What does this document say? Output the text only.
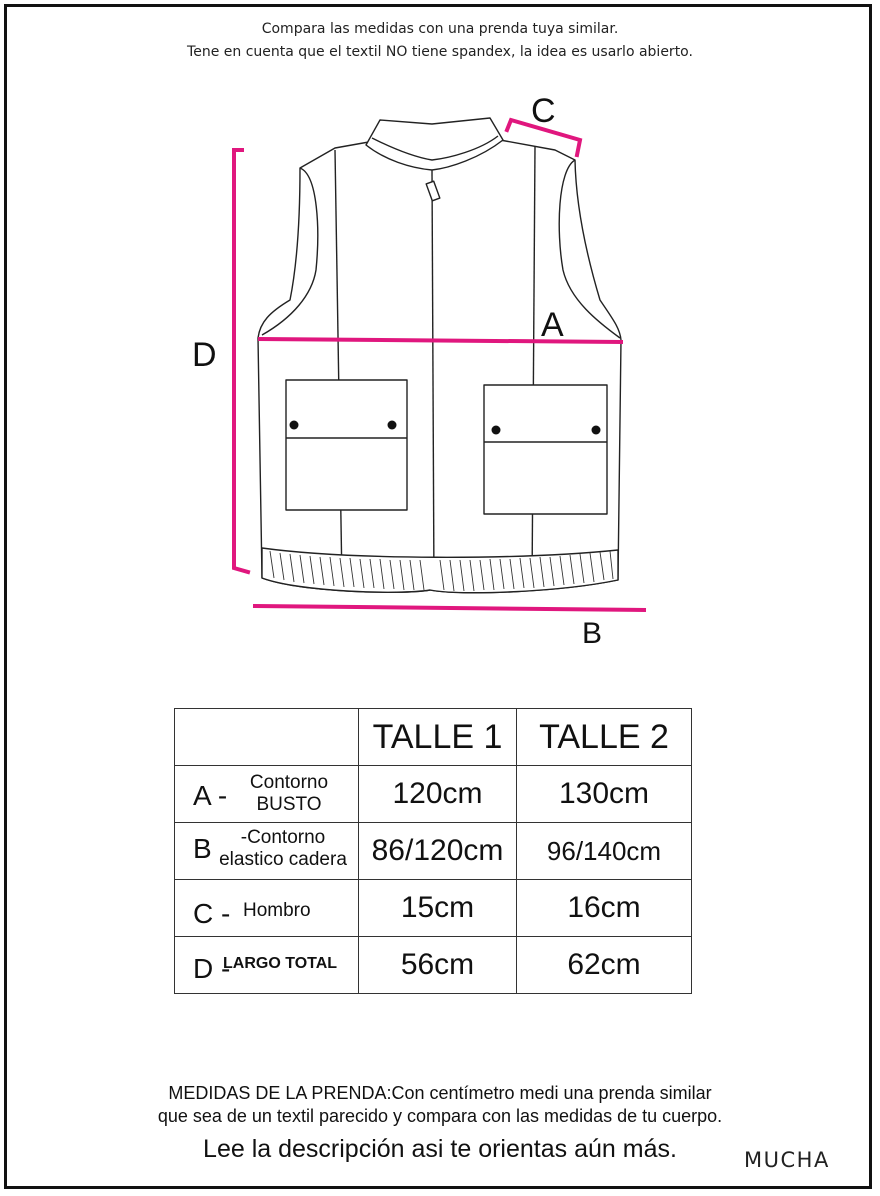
Compara las medidas con una prenda tuya similar.
Tene en cuenta que el textil NO tiene spandex, la idea es usarlo abierto.
C
A
D
B
	TALLE 1	TALLE 2

A - Contorno
BUSTO	120cm	130cm

B -Contorno
elastico cadera	86/120cm	96/140cm

C - Hombro	15cm	16cm

D -
LARGO TOTAL	56cm	62cm
MEDIDAS DE LA PRENDA:Con centímetro medi una prenda similar
que sea de un textil parecido y compara con las medidas de tu cuerpo.
Lee la descripción asi te orientas aún más.	MUCHA
